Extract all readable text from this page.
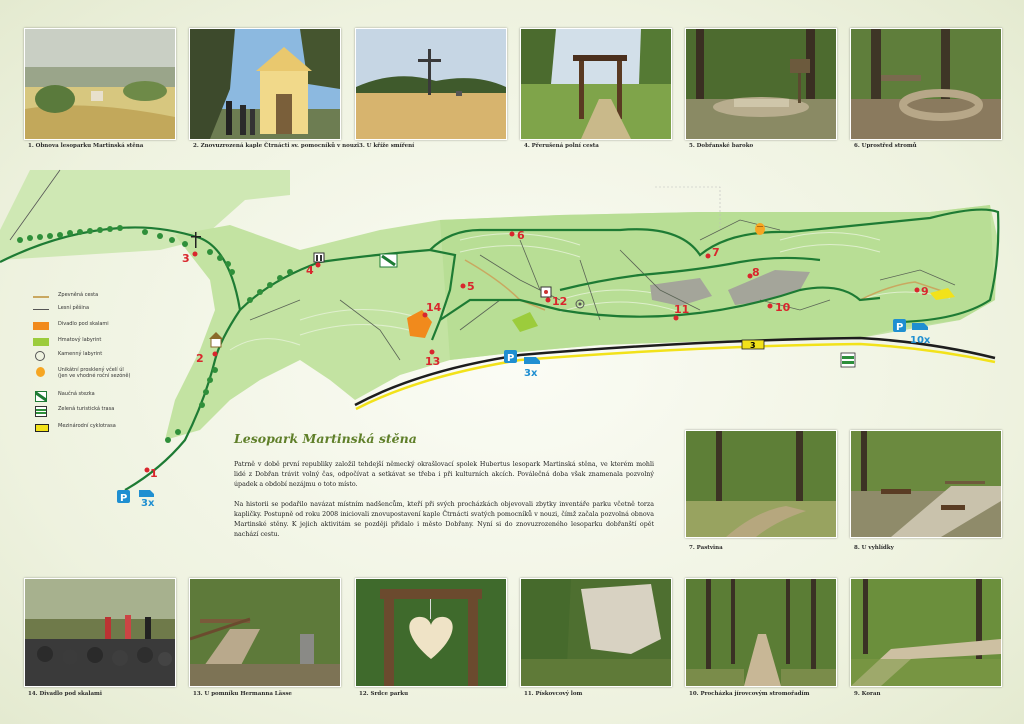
1. Obnova lesoparku Martinská stěna	2. Znovuzrozená kaple Čtrnácti sv. pomocníků v nouzi 3. U kříže smíření	4. Přerušená polní cesta	5. Dobřanské baroko	6. Uprostřed stromů
1
2
3
4
5
6
7
8
9
10
11
12
13
14
3
P 3x
P
3x
P
10x
Zpevněná cesta
Lesní pěšina
Divadlo pod skalami
Hmatový labyrint
Kamenný labyrint
Unikátní prosklený včelí úl
(jen ve vhodné roční sezóně)
Naučná stezka
Zelená turistická trasa
Mezinárodní cyklotrasa
Lesopark Martinská stěna

Patrně v době první republiky založil tehdejší německý okrašlovací spolek Hubertus lesopark Martinská stěna, ve kterém mohli lidé z Dobřan trávit volný čas, odpočívat a setkávat se třeba i při kulturních akcích. Poválečná doba však znamenala pozvolný úpadek a období nezájmu o toto místo.

Na historii se podařilo navázat místním nadšencům, kteří při svých procházkách objevovali zbytky inventáře parku včetně torza kapličky. Postupně od roku 2008 iniciovali znovupostavení kaple Čtrnácti svatých pomocníků v nouzi, čímž začala pozvolná obnova Martinské stěny. K jejich aktivitám se později přidalo i město Dobřany. Nyní si do znovuzrozeného lesoparku dobřanští opět nachází cestu.

7. Pastvina	8. U vyhlídky
14. Divadlo pod skalami	13. U pomníku Hermanna Lässe	12. Srdce parku	11. Pískovcový lom	10. Procházka jírovcovým stromořadím	9. Koran
